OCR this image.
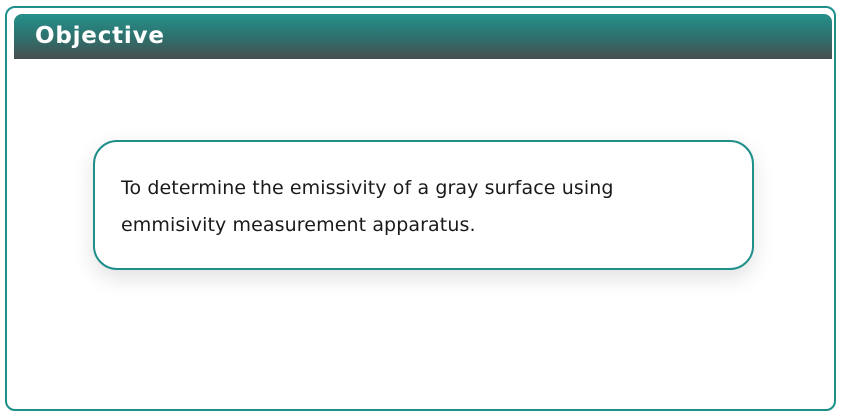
Objective
To determine the emissivity of a gray surface using
emmisivity measurement apparatus.
